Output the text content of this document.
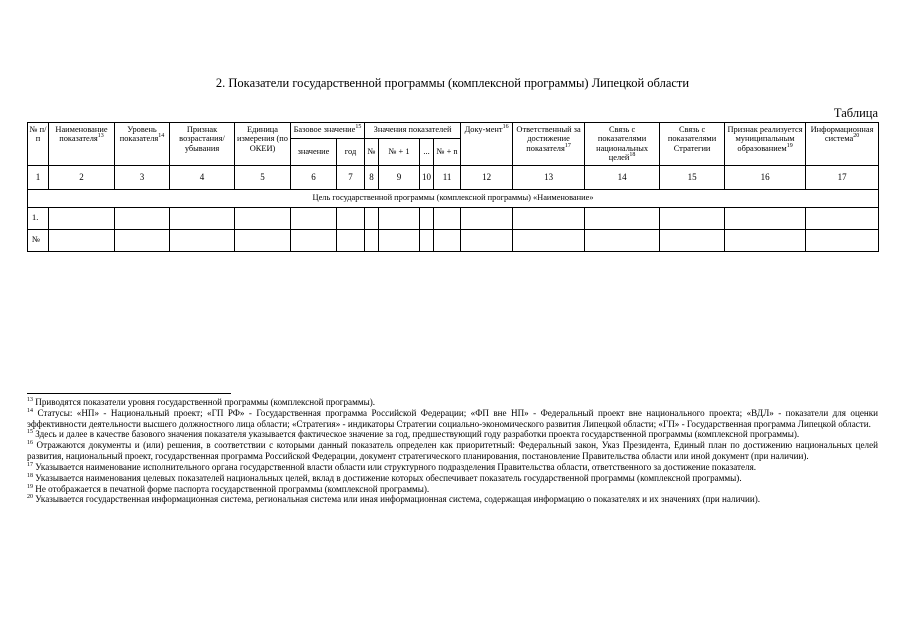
2. Показатели государственной программы (комплексной программы) Липецкой области
Таблица
№ п/п	Наименование показателя$^{13}$	Уровень показателя$^{14}$	Признак возрастания/убывания	Единица измерения (по ОКЕИ)	Базовое значение$^{15}$		Значения показателей				Доку-мент$^{16}$	Ответственный за достижение показателя$^{17}$	Связь с показателями национальных целей$^{18}$	Связь с показателями Стратегии	Признак реализуется муниципальным образованием$^{19}$	Информационная система$^{20}$
					значение	год	№	№ + 1	...	№ + n						
1	2	3	4	5	6	7	8	9	10	11	12	13	14	15	16	17
Цель государственной программы (комплексной программы) «Наименование»																
1.																
№																

$^{13}$ Приводятся показатели уровня государственной программы (комплексной программы).

$^{14}$ Статусы: «НП» - Национальный проект; «ГП РФ» - Государственная программа Российской Федерации; «ФП вне НП» - Федеральный проект вне национального проекта; «ВДЛ» - показатели для оценки эффективности деятельности высшего должностного лица области; «Стратегия» - индикаторы Стратегии социально-экономического развития Липецкой области; «ГП» - Государственная программа Липецкой области.

$^{15}$ Здесь и далее в качестве базового значения показателя указывается фактическое значение за год, предшествующий году разработки проекта государственной программы (комплексной программы).

$^{16}$ Отражаются документы и (или) решения, в соответствии с которыми данный показатель определен как приоритетный: Федеральный закон, Указ Президента, Единый план по достижению национальных целей развития, национальный проект, государственная программа Российской Федерации, документ стратегического планирования, постановление Правительства области или иной документ (при наличии).

$^{17}$ Указывается наименование исполнительного органа государственной власти области или структурного подразделения Правительства области, ответственного за достижение показателя.

$^{18}$ Указывается наименования целевых показателей национальных целей, вклад в достижение которых обеспечивает показатель государственной программы (комплексной программы).

$^{19}$ Не отображается в печатной форме паспорта государственной программы (комплексной программы).

$^{20}$ Указывается государственная информационная система, региональная система или иная информационная система, содержащая информацию о показателях и их значениях (при наличии).
